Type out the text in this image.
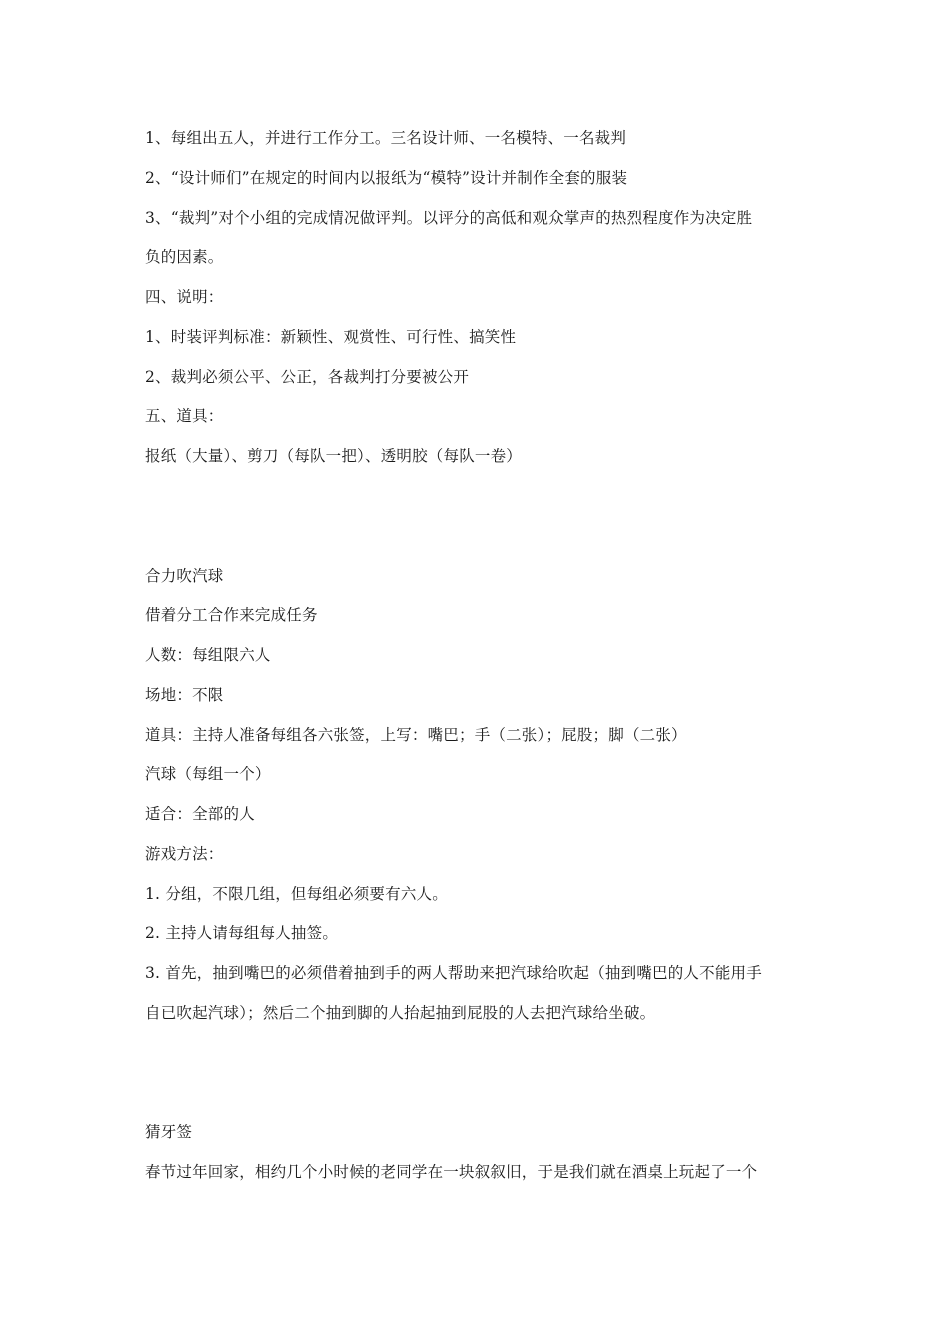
1、每组出五人，并进行工作分工。三名设计师、一名模特、一名裁判

2、“设计师们”在规定的时间内以报纸为“模特”设计并制作全套的服装

3、“裁判”对个小组的完成情况做评判。以评分的高低和观众掌声的热烈程度作为决定胜

负的因素。

四、说明：

1、时装评判标准：新颖性、观赏性、可行性、搞笑性

2、裁判必须公平、公正，各裁判打分要被公开

五、道具：

报纸（大量）、剪刀（每队一把）、透明胶（每队一卷）

合力吹汽球

借着分工合作来完成任务

人数：每组限六人

场地：不限

道具：主持人准备每组各六张签，上写：嘴巴；手（二张）；屁股；脚（二张）

汽球（每组一个）

适合：全部的人

游戏方法：

1. 分组，不限几组，但每组必须要有六人。

2. 主持人请每组每人抽签。

3. 首先，抽到嘴巴的必须借着抽到手的两人帮助来把汽球给吹起（抽到嘴巴的人不能用手

自已吹起汽球）；然后二个抽到脚的人抬起抽到屁股的人去把汽球给坐破。

猜牙签

春节过年回家，相约几个小时候的老同学在一块叙叙旧，于是我们就在酒桌上玩起了一个
